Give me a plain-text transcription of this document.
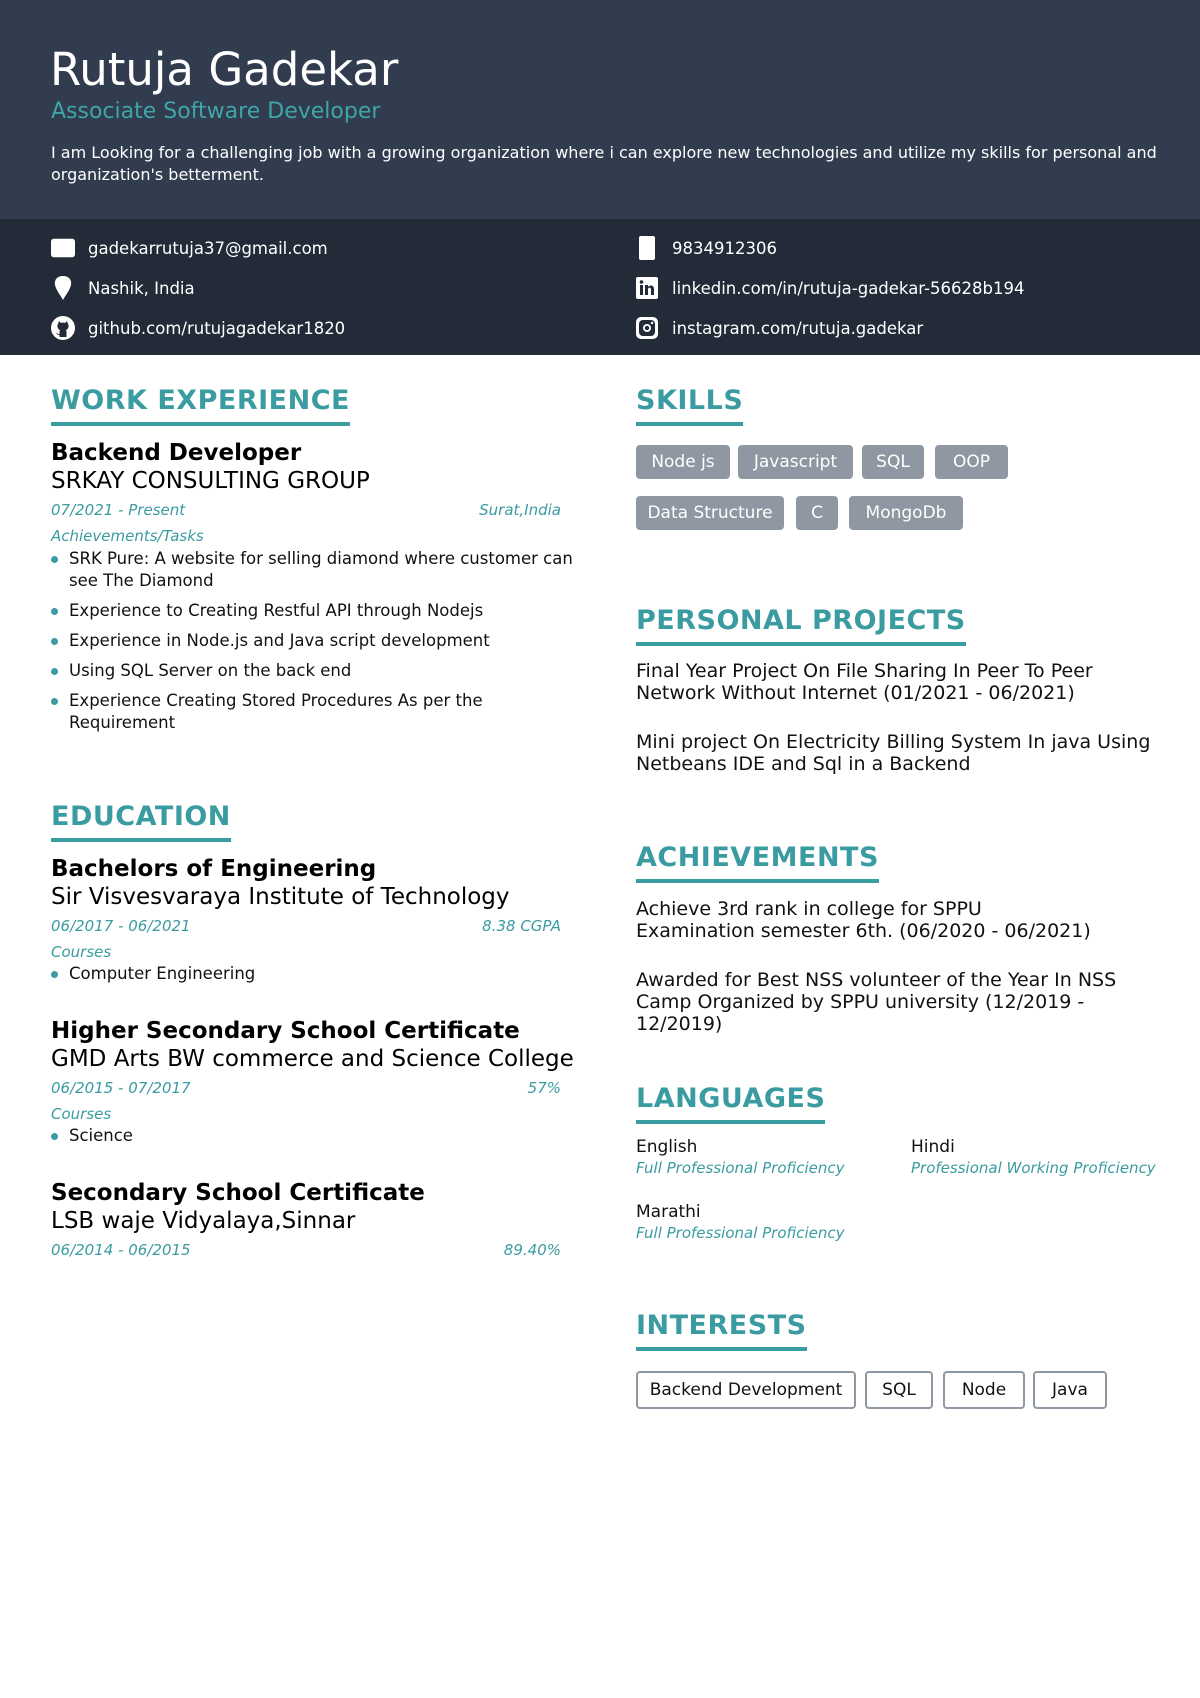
Rutuja Gadekar
Associate Software Developer
I am Looking for a challenging job with a growing organization where i can explore new technologies and utilize my skills for personal and organization's betterment.
gadekarrutuja37@gmail.com	9834912306
Nashik, India	linkedin.com/in/rutuja-gadekar-56628b194
github.com/rutujagadekar1820	instagram.com/rutuja.gadekar
WORK EXPERIENCE
Backend Developer
SRKAY CONSULTING GROUP
07/2021 - Present	Surat,India
Achievements/Tasks
SRK Pure: A website for selling diamond where customer can see The Diamond
Experience to Creating Restful API through Nodejs
Experience in Node.js and Java script development
Using SQL Server on the back end
Experience Creating Stored Procedures As per the Requirement
EDUCATION
Bachelors of Engineering
Sir Visvesvaraya Institute of Technology
06/2017 - 06/2021	8.38 CGPA
Courses
Computer Engineering
Higher Secondary School Certificate
GMD Arts BW commerce and Science College
06/2015 - 07/2017	57%
Courses
Science
Secondary School Certificate
LSB waje Vidyalaya,Sinnar
06/2014 - 06/2015	89.40%
SKILLS
Node js	Javascript	SQL	OOP
Data Structure	C	MongoDb
PERSONAL PROJECTS
Final Year Project On File Sharing In Peer To Peer Network Without Internet (01/2021 - 06/2021)
Mini project On Electricity Billing System In java Using Netbeans IDE and Sql in a Backend
ACHIEVEMENTS
Achieve 3rd rank in college for SPPU Examination semester 6th. (06/2020 - 06/2021)
Awarded for Best NSS volunteer of the Year In NSS Camp Organized by SPPU university (12/2019 - 12/2019)
LANGUAGES
English
Full Professional Proficiency
Hindi
Professional Working Proficiency
Marathi
Full Professional Proficiency
INTERESTS
Backend Development	SQL	Node	Java
